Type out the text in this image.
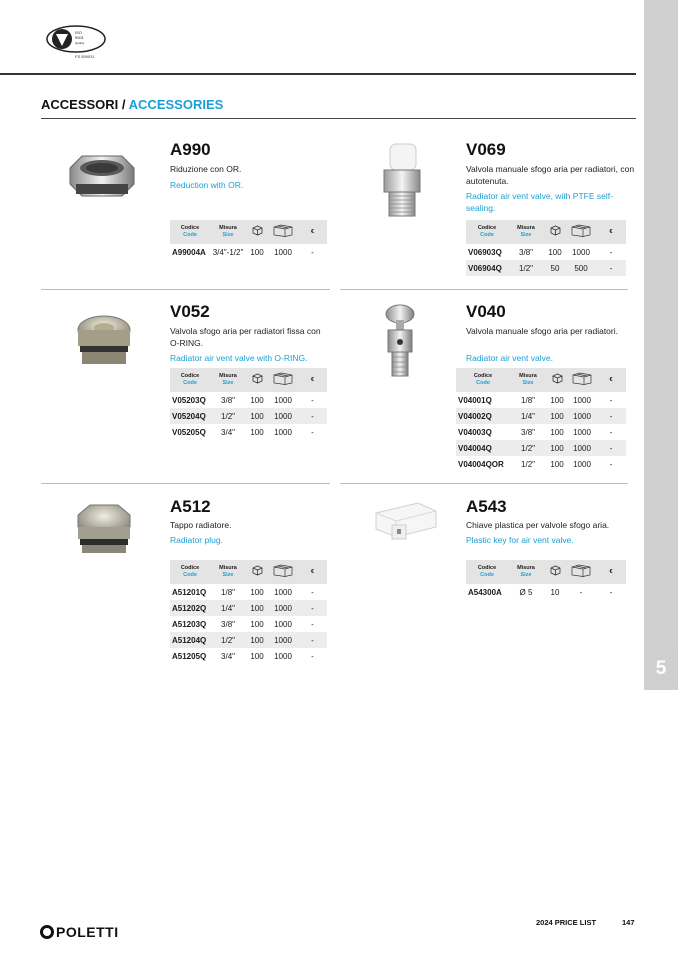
5
ISO
9001
Quality
FS 559031
ACCESSORI / ACCESSORIES
A990
Riduzione con OR.
Reduction with OR.
Codice
Code	Misura
Size			€
A99004A	3/4"-1/2"	100	1000	-
V069
Valvola manuale sfogo aria per radiatori, con autotenuta.
Radiator air vent valve, with PTFE self-sealing.
Codice
Code	Misura
Size			€
V06903Q	3/8"	100	1000	-
V06904Q	1/2"	50	500	-
V052
Valvola sfogo aria per radiatori fissa con O-RING.
Radiator air vent valve with O-RING.
Codice
Code	Misura
Size			€
V05203Q	3/8"	100	1000	-
V05204Q	1/2"	100	1000	-
V05205Q	3/4"	100	1000	-
V040
Valvola manuale sfogo aria per radiatori.
Radiator air vent valve.
Codice
Code	Misura
Size			€
V04001Q	1/8"	100	1000	-
V04002Q	1/4"	100	1000	-
V04003Q	3/8"	100	1000	-
V04004Q	1/2"	100	1000	-
V04004QOR	1/2"	100	1000	-
A512
Tappo radiatore.
Radiator plug.
Codice
Code	Misura
Size			€
A51201Q	1/8"	100	1000	-
A51202Q	1/4"	100	1000	-
A51203Q	3/8"	100	1000	-
A51204Q	1/2"	100	1000	-
A51205Q	3/4"	100	1000	-
A543
Chiave plastica per valvole sfogo aria.
Plastic key for air vent valve.
Codice
Code	Misura
Size			€
A54300A	Ø 5	10	-	-
POLETTI
2024 PRICE LIST	147
